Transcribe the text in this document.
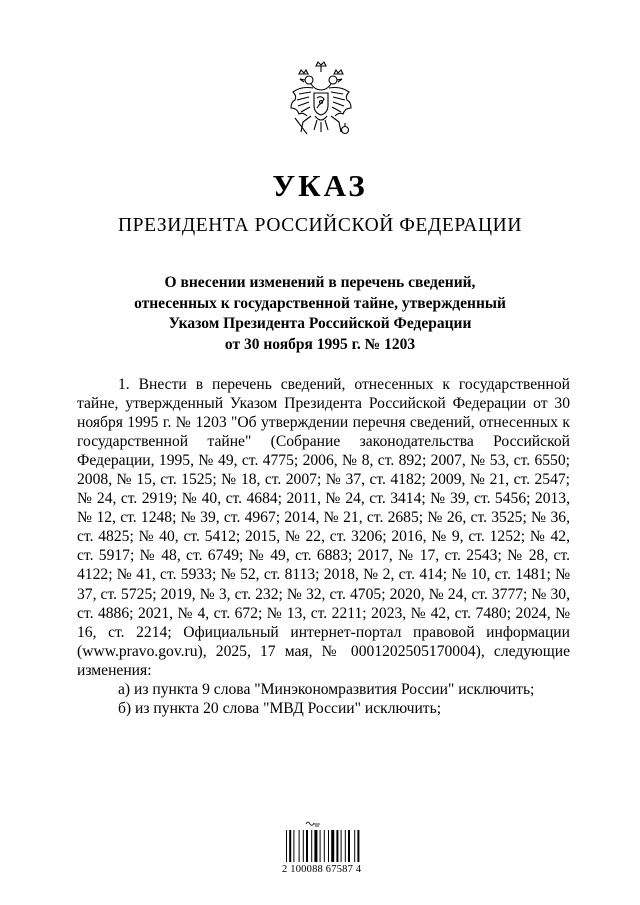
УКАЗ
ПРЕЗИДЕНТА РОССИЙСКОЙ ФЕДЕРАЦИИ
О внесении изменений в перечень сведений,
отнесенных к государственной тайне, утвержденный
Указом Президента Российской Федерации
от 30 ноября 1995 г. № 1203

1. Внести в перечень сведений, отнесенных к государственной тайне, утвержденный Указом Президента Российской Федерации от 30 ноября 1995 г. № 1203 "Об утверждении перечня сведений, отнесенных к государственной тайне" (Собрание законодательства Российской Федерации, 1995, № 49, ст. 4775; 2006, № 8, ст. 892; 2007, № 53, ст. 6550; 2008, № 15, ст. 1525; № 18, ст. 2007; № 37, ст. 4182; 2009, № 21, ст. 2547; № 24, ст. 2919; № 40, ст. 4684; 2011, № 24, ст. 3414; № 39, ст. 5456; 2013, № 12, ст. 1248; № 39, ст. 4967; 2014, № 21, ст. 2685; № 26, ст. 3525; № 36, ст. 4825; № 40, ст. 5412; 2015, № 22, ст. 3206; 2016, № 9, ст. 1252; № 42, ст. 5917; № 48, ст. 6749; № 49, ст. 6883; 2017, № 17, ст. 2543; № 28, ст. 4122; № 41, ст. 5933; № 52, ст. 8113; 2018, № 2, ст. 414; № 10, ст. 1481; № 37, ст. 5725; 2019, № 3, ст. 232; № 32, ст. 4705; 2020, № 24, ст. 3777; № 30, ст. 4886; 2021, № 4, ст. 672; № 13, ст. 2211; 2023, № 42, ст. 7480; 2024, № 16, ст. 2214; Официальный интернет-портал правовой информации (www.pravo.gov.ru), 2025, 17 мая, № 0001202505170004), следующие изменения:

а) из пункта 9 слова "Минэкономразвития России" исключить;

б) из пункта 20 слова "МВД России" исключить;

2 100088 67587 4
